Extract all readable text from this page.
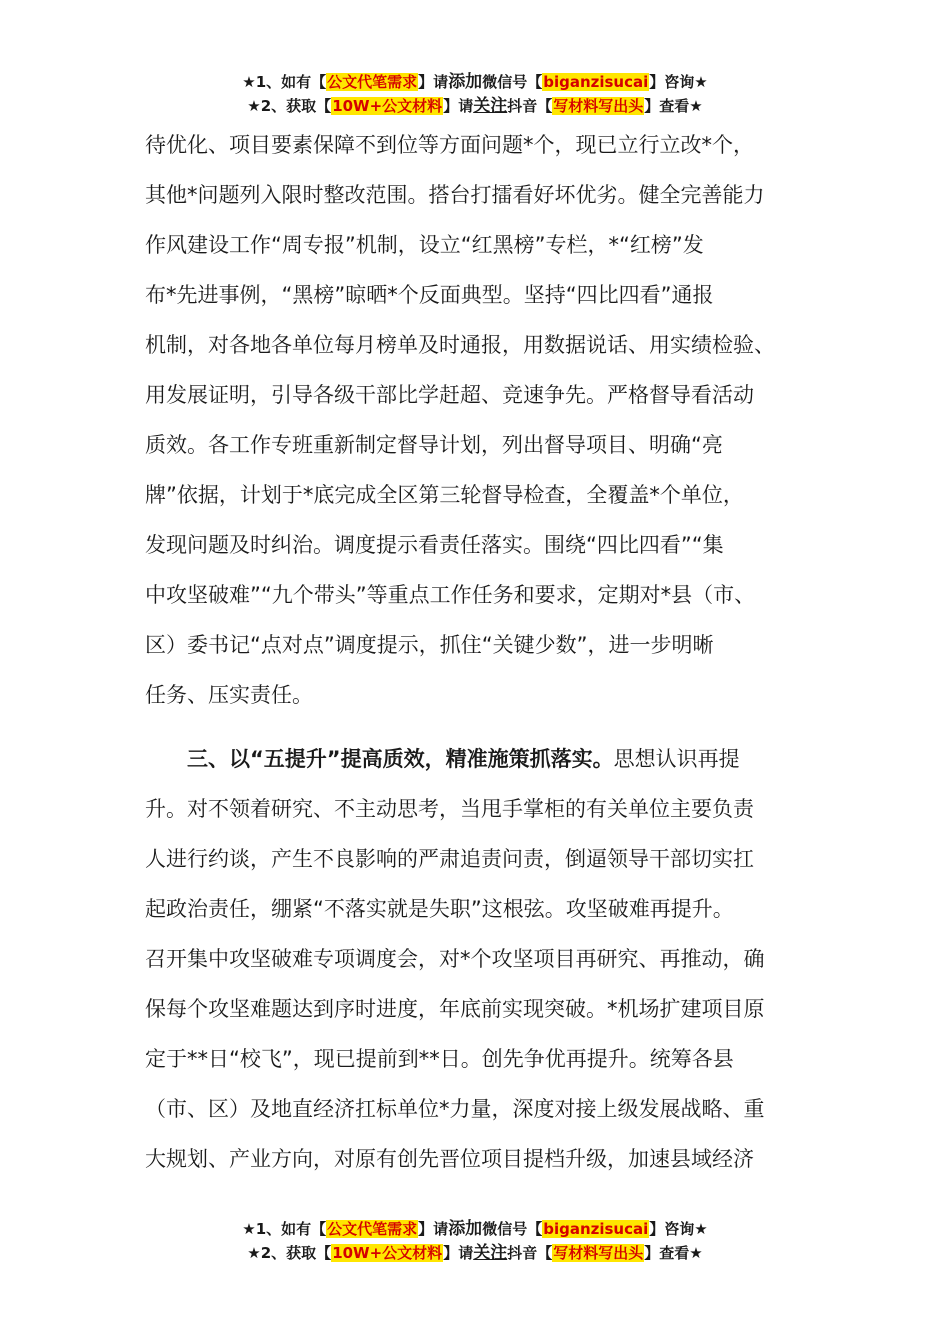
★1、如有【公文代笔需求】请添加微信号【biganzisucai】咨询★
★2、获取【10W+公文材料】请关注抖音【写材料写出头】查看★
待优化、项目要素保障不到位等方面问题*个，现已立行立改*个，
其他*问题列入限时整改范围。搭台打擂看好坏优劣。健全完善能力
作风建设工作“周专报”机制，设立“红黑榜”专栏，*“红榜”发
布*先进事例，“黑榜”晾晒*个反面典型。坚持“四比四看”通报
机制，对各地各单位每月榜单及时通报，用数据说话、用实绩检验、
用发展证明，引导各级干部比学赶超、竞速争先。严格督导看活动
质效。各工作专班重新制定督导计划，列出督导项目、明确“亮
牌”依据，计划于*底完成全区第三轮督导检查，全覆盖*个单位，
发现问题及时纠治。调度提示看责任落实。围绕“四比四看”“集
中攻坚破难”“九个带头”等重点工作任务和要求，定期对*县（市、
区）委书记“点对点”调度提示，抓住“关键少数”，进一步明晰
任务、压实责任。
三、以“五提升”提高质效，精准施策抓落实。思想认识再提
升。对不领着研究、不主动思考，当甩手掌柜的有关单位主要负责
人进行约谈，产生不良影响的严肃追责问责，倒逼领导干部切实扛
起政治责任，绷紧“不落实就是失职”这根弦。攻坚破难再提升。
召开集中攻坚破难专项调度会，对*个攻坚项目再研究、再推动，确
保每个攻坚难题达到序时进度，年底前实现突破。*机场扩建项目原
定于**日“校飞”，现已提前到**日。创先争优再提升。统筹各县
（市、区）及地直经济扛标单位*力量，深度对接上级发展战略、重
大规划、产业方向，对原有创先晋位项目提档升级，加速县域经济
★1、如有【公文代笔需求】请添加微信号【biganzisucai】咨询★
★2、获取【10W+公文材料】请关注抖音【写材料写出头】查看★
